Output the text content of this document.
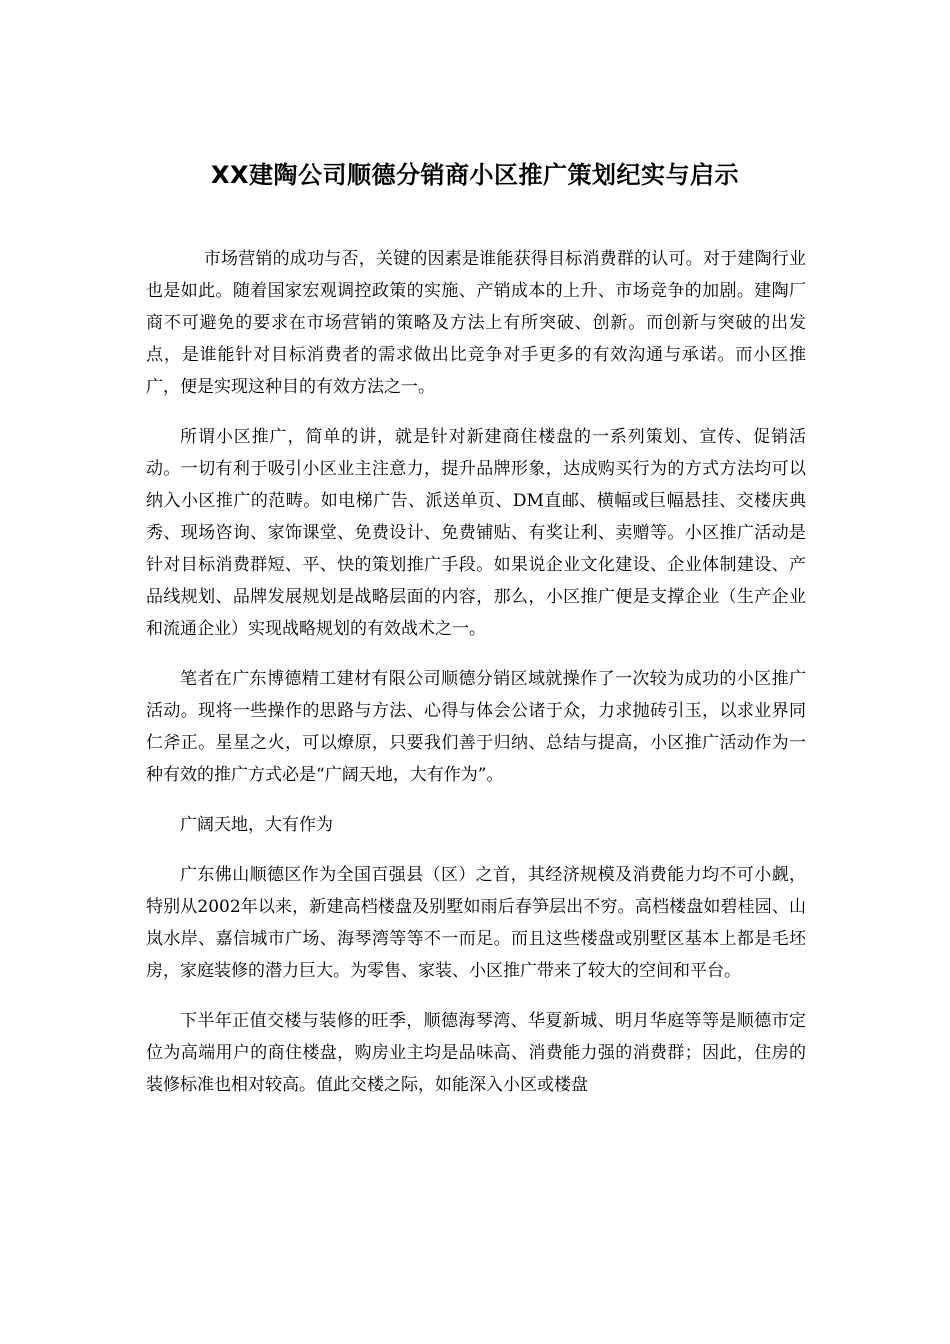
XX建陶公司顺德分销商小区推广策划纪实与启示

市场营销的成功与否，关键的因素是谁能获得目标消费群的认可。对于建陶行业也是如此。随着国家宏观调控政策的实施、产销成本的上升、市场竞争的加剧。建陶厂商不可避免的要求在市场营销的策略及方法上有所突破、创新。而创新与突破的出发点，是谁能针对目标消费者的需求做出比竞争对手更多的有效沟通与承诺。而小区推广，便是实现这种目的有效方法之一。

所谓小区推广，简单的讲，就是针对新建商住楼盘的一系列策划、宣传、促销活动。一切有利于吸引小区业主注意力，提升品牌形象，达成购买行为的方式方法均可以纳入小区推广的范畴。如电梯广告、派送单页、DM直邮、横幅或巨幅悬挂、交楼庆典秀、现场咨询、家饰课堂、免费设计、免费铺贴、有奖让利、卖赠等。小区推广活动是针对目标消费群短、平、快的策划推广手段。如果说企业文化建设、企业体制建设、产品线规划、品牌发展规划是战略层面的内容，那么，小区推广便是支撑企业（生产企业和流通企业）实现战略规划的有效战术之一。

笔者在广东博德精工建材有限公司顺德分销区域就操作了一次较为成功的小区推广活动。现将一些操作的思路与方法、心得与体会公诸于众，力求抛砖引玉，以求业界同仁斧正。星星之火，可以燎原，只要我们善于归纳、总结与提高，小区推广活动作为一种有效的推广方式必是“广阔天地，大有作为”。

广阔天地，大有作为

广东佛山顺德区作为全国百强县（区）之首，其经济规模及消费能力均不可小觑，特别从2002年以来，新建高档楼盘及别墅如雨后春笋层出不穷。高档楼盘如碧桂园、山岚水岸、嘉信城市广场、海琴湾等等不一而足。而且这些楼盘或别墅区基本上都是毛坯房，家庭装修的潜力巨大。为零售、家装、小区推广带来了较大的空间和平台。

下半年正值交楼与装修的旺季，顺德海琴湾、华夏新城、明月华庭等等是顺德市定位为高端用户的商住楼盘，购房业主均是品味高、消费能力强的消费群；因此，住房的装修标准也相对较高。值此交楼之际，如能深入小区或楼盘
